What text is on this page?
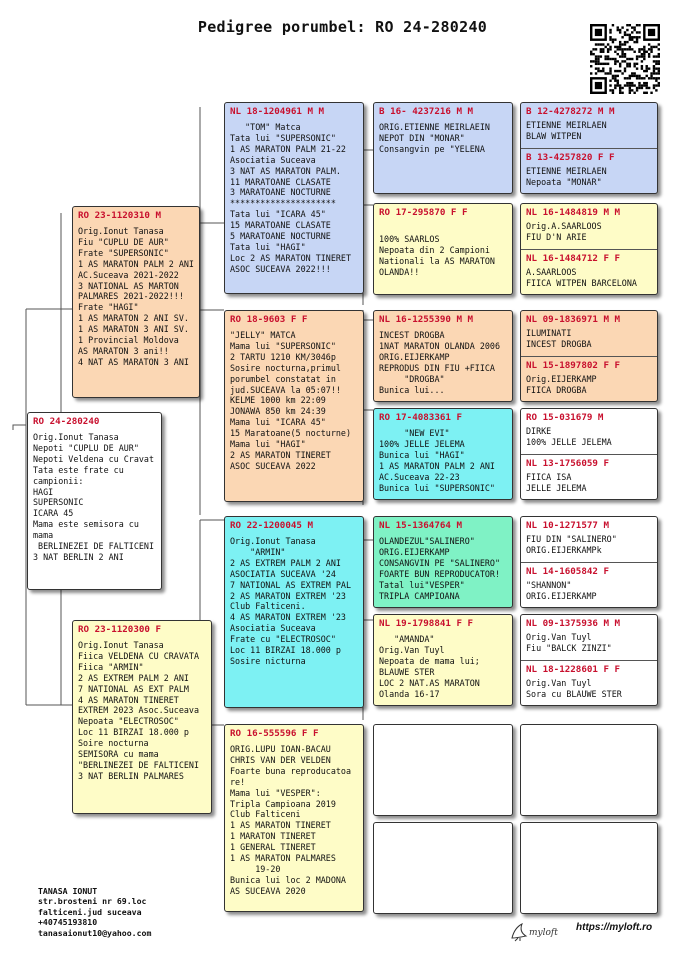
Pedigree porumbel: RO 24-280240
RO 24-280240
Orig.Ionut Tanasa
Nepoti "CUPLU DE AUR"
Nepoti Veldena cu Cravat
Tata este frate cu
campionii:
HAGI
SUPERSONIC
ICARA 45
Mama este semisora cu
mama
BERLINEZEI DE FALTICENI
3 NAT BERLIN 2 ANI
RO 23-1120310 M
Orig.Ionut Tanasa
Fiu "CUPLU DE AUR"
Frate "SUPERSONIC"
1 AS MARATON PALM 2 ANI
AC.Suceava 2021-2022
3 NATIONAL AS MARTON
PALMARES 2021-2022!!!
Frate "HAGI"
1 AS MARATON 2 ANI SV.
1 AS MARATON 3 ANI SV.
1 Provincial Moldova
AS MARATON 3 ani!!
4 NAT AS MARATON 3 ANI
RO 23-1120300 F
Orig.Ionut Tanasa
Fiica VELDENA CU CRAVATA
Fiica "ARMIN"
2 AS EXTREM PALM 2 ANI
7 NATIONAL AS EXT PALM
4 AS MARATON TINERET
EXTREM 2023 Asoc.Suceava
Nepoata "ELECTROSOC"
Loc 11 BIRZAI 18.000 p
Soire nocturna
SEMISORA cu mama
"BERLINEZEI DE FALTICENI
3 NAT BERLIN PALMARES
NL 18-1204961 M M
"TOM" Matca
Tata lui "SUPERSONIC"
1 AS MARATON PALM 21-22
Asociatia Suceava
3 NAT AS MARATON PALM.
11 MARATOANE CLASATE
3 MARATOANE NOCTURNE
*********************
Tata lui "ICARA 45"
15 MARATOANE CLASATE
5 MARATOANE NOCTURNE
Tata lui "HAGI"
Loc 2 AS MARATON TINERET
ASOC SUCEAVA 2022!!!
RO 18-9603 F F
"JELLY" MATCA
Mama lui "SUPERSONIC"
2 TARTU 1210 KM/3046p
Sosire nocturna,primul
porumbel constatat in
jud.SUCEAVA la 05:07!!
KELME 1000 km 22:09
JONAWA 850 km 24:39
Mama lui "ICARA 45"
15 Maratoane(5 nocturne)
Mama lui "HAGI"
2 AS MARATON TINERET
ASOC SUCEAVA 2022
RO 22-1200045 M
Orig.Ionut Tanasa
"ARMIN"
2 AS EXTREM PALM 2 ANI
ASOCIATIA SUCEAVA '24
7 NATIONAL AS EXTREM PAL
2 AS MARATON EXTREM '23
Club Falticeni.
4 AS MARATON EXTREM '23
Asociatia Suceava
Frate cu "ELECTROSOC"
Loc 11 BIRZAI 18.000 p
Sosire nicturna
RO 16-555596 F F
ORIG.LUPU IOAN-BACAU
CHRIS VAN DER VELDEN
Foarte buna reproducatoa
re!
Mama lui "VESPER":
Tripla Campioana 2019
Club Falticeni
1 AS MARATON TINERET
1 MARATON TINERET
1 GENERAL TINERET
1 AS MARATON PALMARES
19-20
Bunica lui loc 2 MADONA
AS SUCEAVA 2020
B 16- 4237216 M M
ORIG.ETIENNE MEIRLAEIN
NEPOT DIN "MONAR"
Consangvin pe "YELENA
RO 17-295870 F F

100% SAARLOS
Nepoata din 2 Campioni
Nationali la AS MARATON
OLANDA!!
NL 16-1255390 M M
INCEST DROGBA
1NAT MARATON OLANDA 2006
ORIG.EIJERKAMP
REPRODUS DIN FIU +FIICA
"DROGBA"
Bunica lui...
RO 17-4083361 F
"NEW EVI"
100% JELLE JELEMA
Bunica lui "HAGI"
1 AS MARATON PALM 2 ANI
AC.Suceava 22-23
Bunica lui "SUPERSONIC"
NL 15-1364764 M
OLANDEZUL"SALINERO"
ORIG.EIJERKAMP
CONSANGVIN PE "SALINERO"
FOARTE BUN REPRODUCATOR!
Tatal lui"VESPER"
TRIPLA CAMPIOANA
NL 19-1798841 F F
"AMANDA"
Orig.Van Tuyl
Nepoata de mama lui;
BLAUWE STER
LOC 2 NAT.AS MARATON
Olanda 16-17
B 12-4278272 M M
ETIENNE MEIRLAEN
BLAW WITPEN
B 13-4257820 F F
ETIENNE MEIRLAEN
Nepoata "MONAR"
NL 16-1484819 M M
Orig.A.SAARLOOS
FIU D'N ARIE
NL 16-1484712 F F
A.SAARLOOS
FIICA WITPEN BARCELONA
NL 09-1836971 M M
ILUMINATI
INCEST DROGBA
NL 15-1897802 F F
Orig.EIJERKAMP
FIICA DROGBA
RO 15-031679 M
DIRKE
100% JELLE JELEMA
NL 13-1756059 F
FIICA ISA
JELLE JELEMA
NL 10-1271577 M
FIU DIN "SALINERO"
ORIG.EIJERKAMPk
NL 14-1605842 F
"SHANNON"
ORIG.EIJERKAMP
NL 09-1375936 M M
Orig.Van Tuyl
Fiu "BALCK ZINZI"
NL 18-1228601 F F
Orig.Van Tuyl
Sora cu BLAUWE STER
TANASA IONUT
str.brosteni nr 69.loc
falticeni.jud suceava
+40745193810
tanasaionut10@yahoo.com	myloft https://myloft.ro
